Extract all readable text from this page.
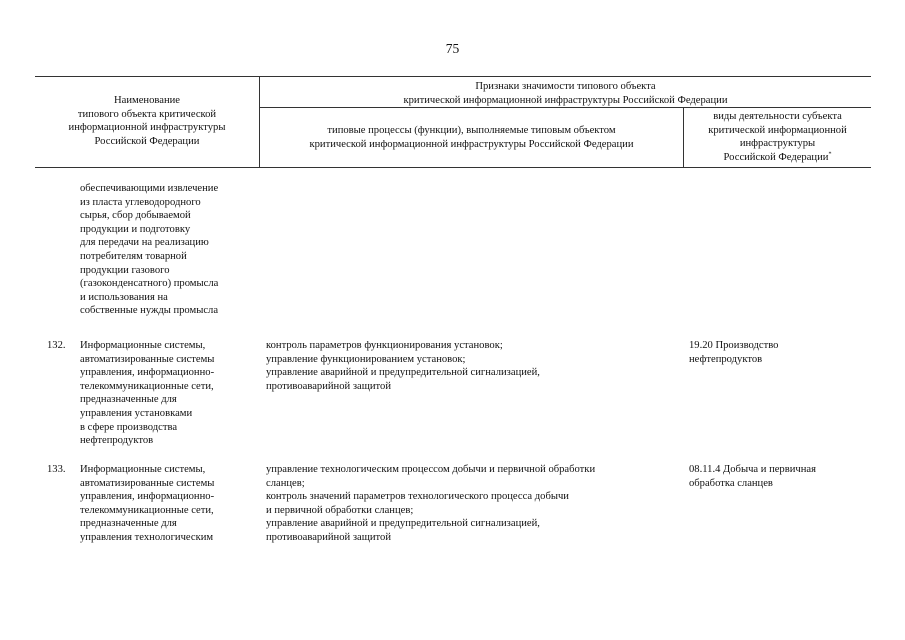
75
Наименование
типового объекта критической
информационной инфраструктуры
Российской Федерации
Признаки значимости типового объекта
критической информационной инфраструктуры Российской Федерации
типовые процессы (функции), выполняемые типовым объектом
критической информационной инфраструктуры Российской Федерации
виды деятельности субъекта
критической информационной
инфраструктуры
Российской Федерации*
обеспечивающими извлечение
из пласта углеводородного
сырья, сбор добываемой
продукции и подготовку
для передачи на реализацию
потребителям товарной
продукции газового
(газоконденсатного) промысла
и использования на
собственные нужды промысла
132. Информационные системы,
автоматизированные системы
управления, информационно-
телекоммуникационные сети,
предназначенные для
управления установками
в сфере производства
нефтепродуктов
контроль параметров функционирования установок;
управление функционированием установок;
управление аварийной и предупредительной сигнализацией,
противоаварийной защитой
19.20 Производство
нефтепродуктов
133. Информационные системы,
автоматизированные системы
управления, информационно-
телекоммуникационные сети,
предназначенные для
управления технологическим
управление технологическим процессом добычи и первичной обработки
сланцев;
контроль значений параметров технологического процесса добычи
и первичной обработки сланцев;
управление аварийной и предупредительной сигнализацией,
противоаварийной защитой
08.11.4 Добыча и первичная
обработка сланцев
